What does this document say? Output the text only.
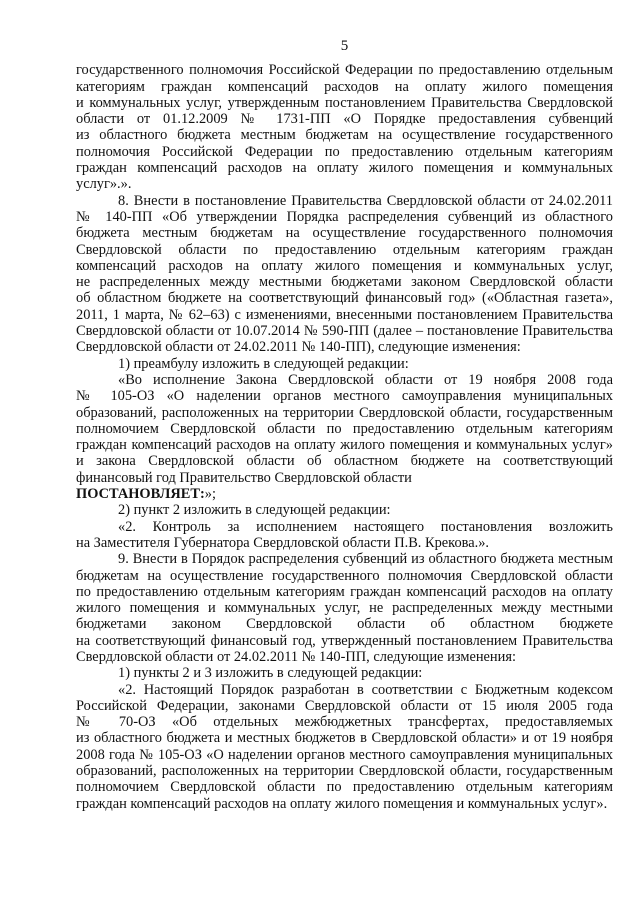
5
государственного полномочия Российской Федерации по предоставлению отдельным
категориям граждан компенсаций расходов на оплату жилого помещения
и коммунальных услуг, утвержденным постановлением Правительства Свердловской
области от 01.12.2009 № 1731-ПП «О Порядке предоставления субвенций
из областного бюджета местным бюджетам на осуществление государственного
полномочия Российской Федерации по предоставлению отдельным категориям
граждан компенсаций расходов на оплату жилого помещения и коммунальных
услуг».».
8. Внести в постановление Правительства Свердловской области от 24.02.2011
№ 140-ПП «Об утверждении Порядка распределения субвенций из областного
бюджета местным бюджетам на осуществление государственного полномочия
Свердловской области по предоставлению отдельным категориям граждан
компенсаций расходов на оплату жилого помещения и коммунальных услуг,
не распределенных между местными бюджетами законом Свердловской области
об областном бюджете на соответствующий финансовый год» («Областная газета»,
2011, 1 марта, № 62–63) с изменениями, внесенными постановлением Правительства
Свердловской области от 10.07.2014 № 590-ПП (далее – постановление Правительства
Свердловской области от 24.02.2011 № 140-ПП), следующие изменения:
1) преамбулу изложить в следующей редакции:
«Во исполнение Закона Свердловской области от 19 ноября 2008 года
№ 105-ОЗ «О наделении органов местного самоуправления муниципальных
образований, расположенных на территории Свердловской области, государственным
полномочием Свердловской области по предоставлению отдельным категориям
граждан компенсаций расходов на оплату жилого помещения и коммунальных услуг»
и закона Свердловской области об областном бюджете на соответствующий
финансовый год Правительство Свердловской области
ПОСТАНОВЛЯЕТ:»;
2) пункт 2 изложить в следующей редакции:
«2. Контроль за исполнением настоящего постановления возложить
на Заместителя Губернатора Свердловской области П.В. Крекова.».
9. Внести в Порядок распределения субвенций из областного бюджета местным
бюджетам на осуществление государственного полномочия Свердловской области
по предоставлению отдельным категориям граждан компенсаций расходов на оплату
жилого помещения и коммунальных услуг, не распределенных между местными
бюджетами законом Свердловской области об областном бюджете
на соответствующий финансовый год, утвержденный постановлением Правительства
Свердловской области от 24.02.2011 № 140-ПП, следующие изменения:
1) пункты 2 и 3 изложить в следующей редакции:
«2. Настоящий Порядок разработан в соответствии с Бюджетным кодексом
Российской Федерации, законами Свердловской области от 15 июля 2005 года
№ 70-ОЗ «Об отдельных межбюджетных трансфертах, предоставляемых
из областного бюджета и местных бюджетов в Свердловской области» и от 19 ноября
2008 года № 105-ОЗ «О наделении органов местного самоуправления муниципальных
образований, расположенных на территории Свердловской области, государственным
полномочием Свердловской области по предоставлению отдельным категориям
граждан компенсаций расходов на оплату жилого помещения и коммунальных услуг».
